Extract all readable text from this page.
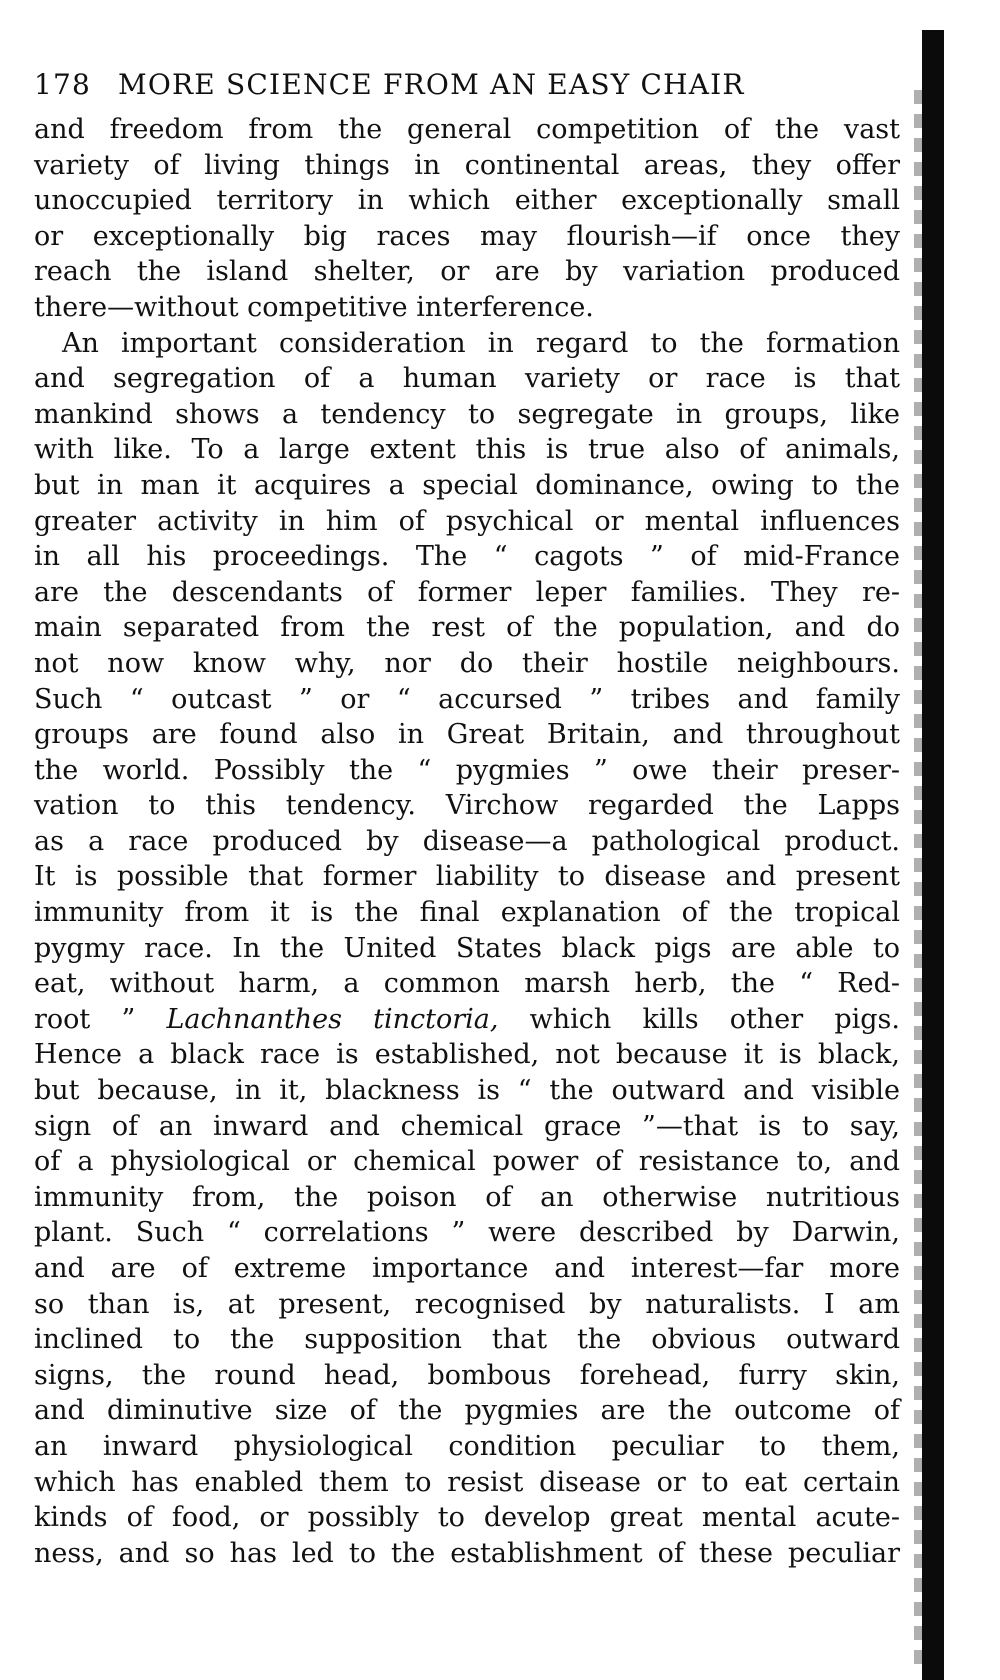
178 MORE SCIENCE FROM AN EASY CHAIR
and freedom from the general competition of the vast
variety of living things in continental areas, they offer
unoccupied territory in which either exceptionally small
or exceptionally big races may flourish—if once they
reach the island shelter, or are by variation produced
there—without competitive interference.
An important consideration in regard to the formation
and segregation of a human variety or race is that
mankind shows a tendency to segregate in groups, like
with like. To a large extent this is true also of animals,
but in man it acquires a special dominance, owing to the
greater activity in him of psychical or mental influences
in all his proceedings. The “ cagots ” of mid-France
are the descendants of former leper families. They re-
main separated from the rest of the population, and do
not now know why, nor do their hostile neighbours.
Such “ outcast ” or “ accursed ” tribes and family
groups are found also in Great Britain, and throughout
the world. Possibly the “ pygmies ” owe their preser-
vation to this tendency. Virchow regarded the Lapps
as a race produced by disease—a pathological product.
It is possible that former liability to disease and present
immunity from it is the final explanation of the tropical
pygmy race. In the United States black pigs are able to
eat, without harm, a common marsh herb, the “ Red-
root ” Lachnanthes tinctoria, which kills other pigs.
Hence a black race is established, not because it is black,
but because, in it, blackness is “ the outward and visible
sign of an inward and chemical grace ”—that is to say,
of a physiological or chemical power of resistance to, and
immunity from, the poison of an otherwise nutritious
plant. Such “ correlations ” were described by Darwin,
and are of extreme importance and interest—far more
so than is, at present, recognised by naturalists. I am
inclined to the supposition that the obvious outward
signs, the round head, bombous forehead, furry skin,
and diminutive size of the pygmies are the outcome of
an inward physiological condition peculiar to them,
which has enabled them to resist disease or to eat certain
kinds of food, or possibly to develop great mental acute-
ness, and so has led to the establishment of these peculiar
